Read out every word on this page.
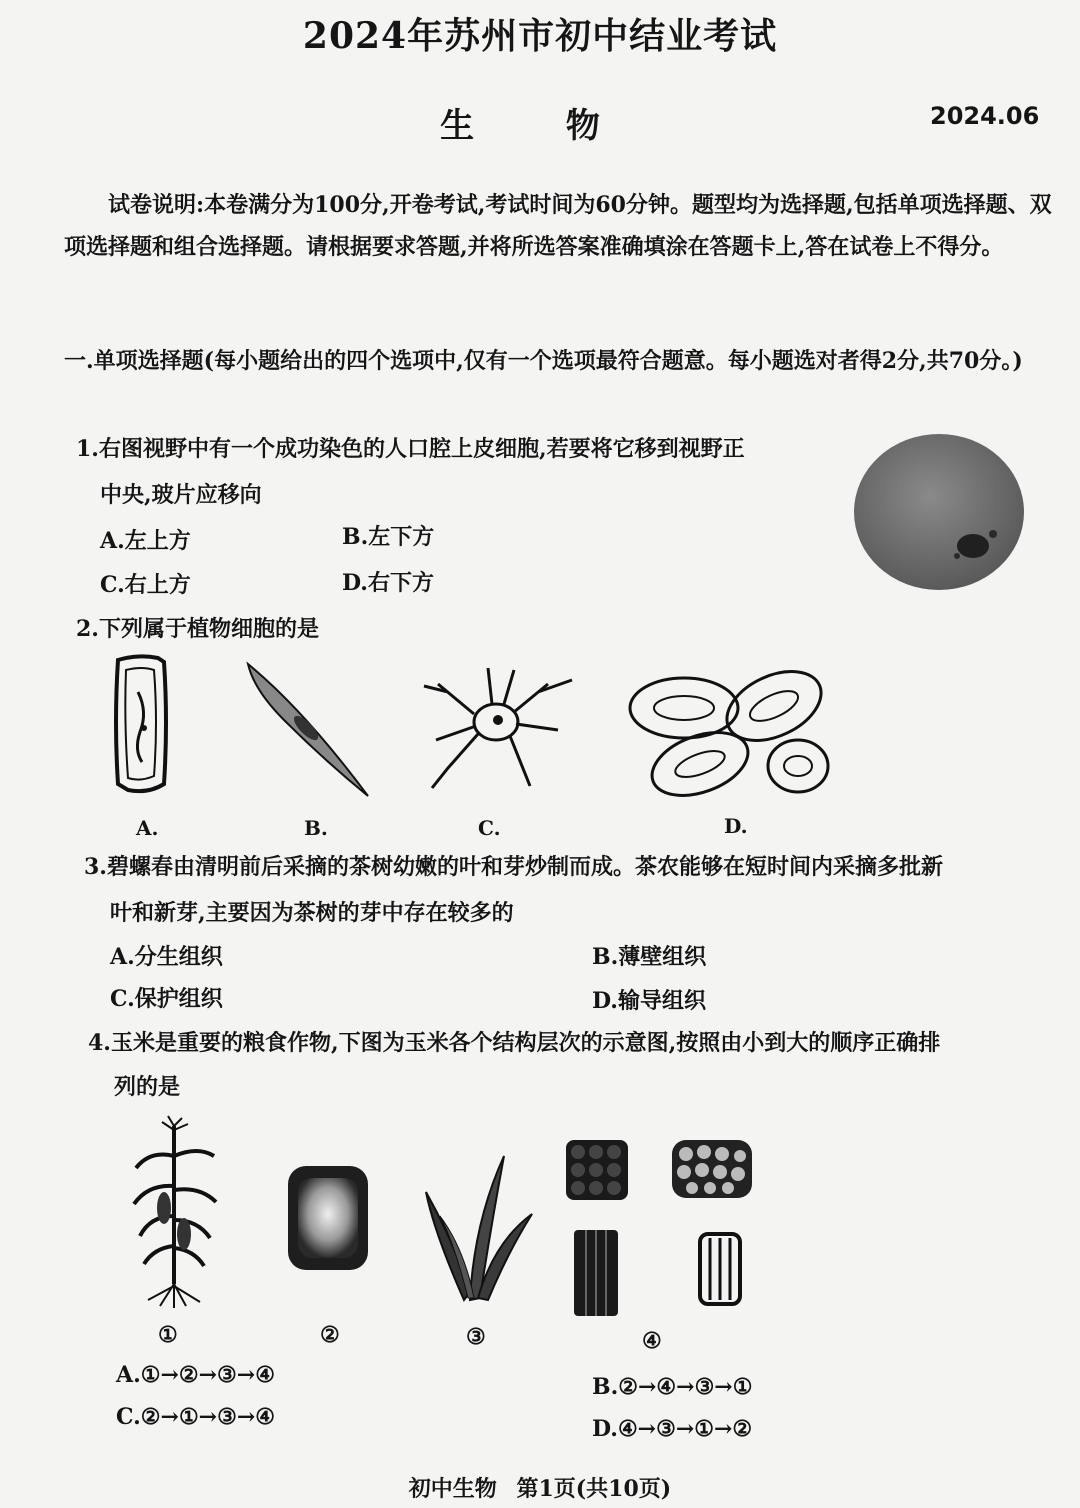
2024年苏州市初中结业考试
生 物	2024.06
试卷说明:本卷满分为100分,开卷考试,考试时间为60分钟。题型均为选择题,包括单项选择题、双项选择题和组合选择题。请根据要求答题,并将所选答案准确填涂在答题卡上,答在试卷上不得分。
一.单项选择题(每小题给出的四个选项中,仅有一个选项最符合题意。每小题选对者得2分,共70分。)
1.右图视野中有一个成功染色的人口腔上皮细胞,若要将它移到视野正
中央,玻片应移向
A.左上方	B.左下方
C.右上方	D.右下方
2.下列属于植物细胞的是
A.	B.	C.	D.
3.碧螺春由清明前后采摘的茶树幼嫩的叶和芽炒制而成。茶农能够在短时间内采摘多批新
叶和新芽,主要因为茶树的芽中存在较多的
A.分生组织	B.薄壁组织
C.保护组织	D.输导组织
4.玉米是重要的粮食作物,下图为玉米各个结构层次的示意图,按照由小到大的顺序正确排
列的是
①	②	③	④
A.①→②→③→④	B.②→④→③→①
C.②→①→③→④	D.④→③→①→②
初中生物 第1页(共10页)
